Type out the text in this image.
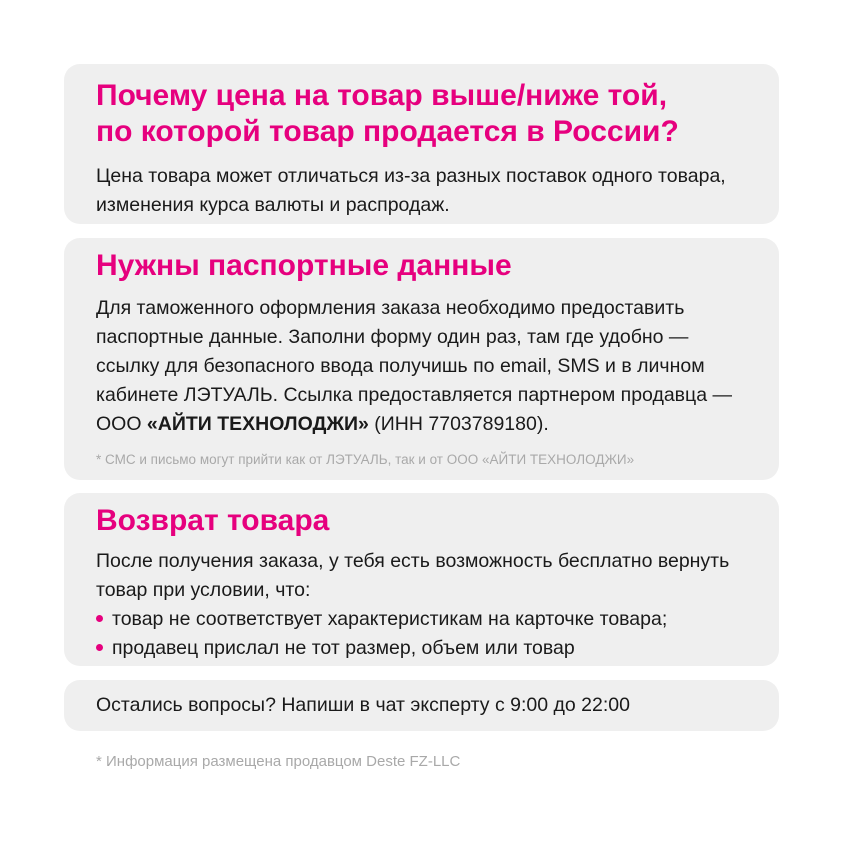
Почему цена на товар выше/ниже той,
по которой товар продается в России?

Цена товара может отличаться из-за разных поставок одного товара, изменения курса валюты и распродаж.

Нужны паспортные данные

Для таможенного оформления заказа необходимо предоставить паспортные данные. Заполни форму один раз, там где удобно — ссылку для безопасного ввода получишь по email, SMS и в личном кабинете ЛЭТУАЛЬ. Ссылка предоставляется партнером продавца — ООО «АЙТИ ТЕХНОЛОДЖИ» (ИНН 7703789180).

* СМС и письмо могут прийти как от ЛЭТУАЛЬ, так и от ООО «АЙТИ ТЕХНОЛОДЖИ»

Возврат товара

После получения заказа, у тебя есть возможность бесплатно вернуть товар при условии, что:

товар не соответствует характеристикам на карточке товара;
продавец прислал не тот размер, объем или товар

Остались вопросы? Напиши в чат эксперту с 9:00 до 22:00

* Информация размещена продавцом Deste FZ-LLC
